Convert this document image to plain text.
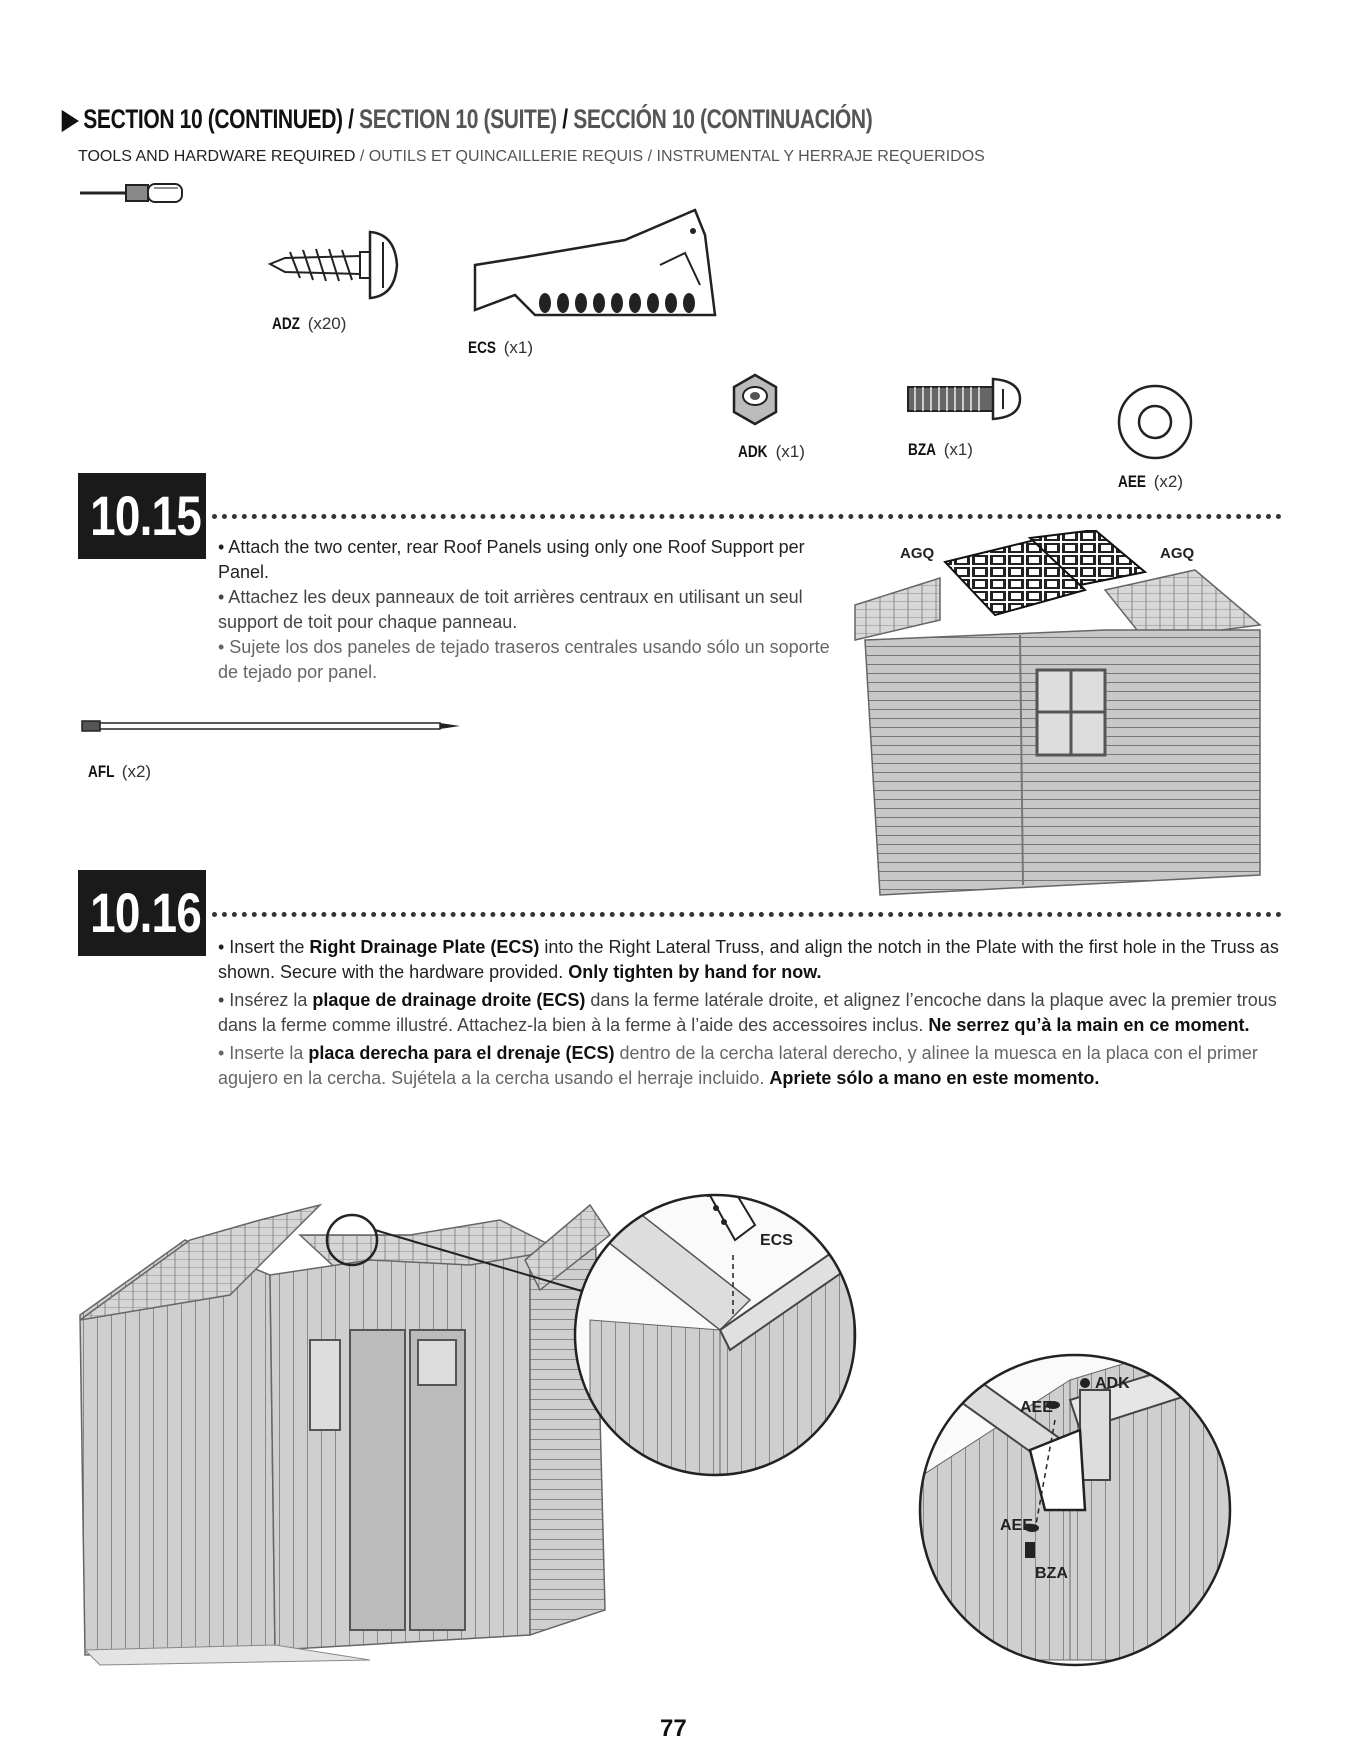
▶ SECTION 10 (CONTINUED) / SECTION 10 (SUITE) / SECCIÓN 10 (CONTINUACIÓN)
TOOLS AND HARDWARE REQUIRED / OUTILS ET QUINCAILLERIE REQUIS / INSTRUMENTAL Y HERRAJE REQUERIDOS
ADZ (x20)
ECS (x1)
ADK (x1)	BZA (x1)
AEE (x2)
10.15 • Attach the two center, rear Roof Panels using only one Roof Support per Panel.
• Attachez les deux panneaux de toit arrières centraux en utilisant un seul support de toit pour chaque panneau.
• Sujete los dos paneles de tejado traseros centrales usando sólo un soporte de tejado por panel.
AFL (x2)
AGQ	AGQ
10.16
• Insert the Right Drainage Plate (ECS) into the Right Lateral Truss, and align the notch in the Plate with the first hole in the Truss as shown. Secure with the hardware provided. Only tighten by hand for now.
• Insérez la plaque de drainage droite (ECS) dans la ferme latérale droite, et alignez l’encoche dans la plaque avec la premier trous dans la ferme comme illustré. Attachez-la bien à la ferme à l’aide des accessoires inclus. Ne serrez qu’à la main en ce moment.
• Inserte la placa derecha para el drenaje (ECS) dentro de la cercha lateral derecho, y alinee la muesca en la placa con el primer agujero en la cercha. Sujétela a la cercha usando el herraje incluido. Apriete sólo a mano en este momento.
ECS
ADK
AEE
AEE
BZA
77
